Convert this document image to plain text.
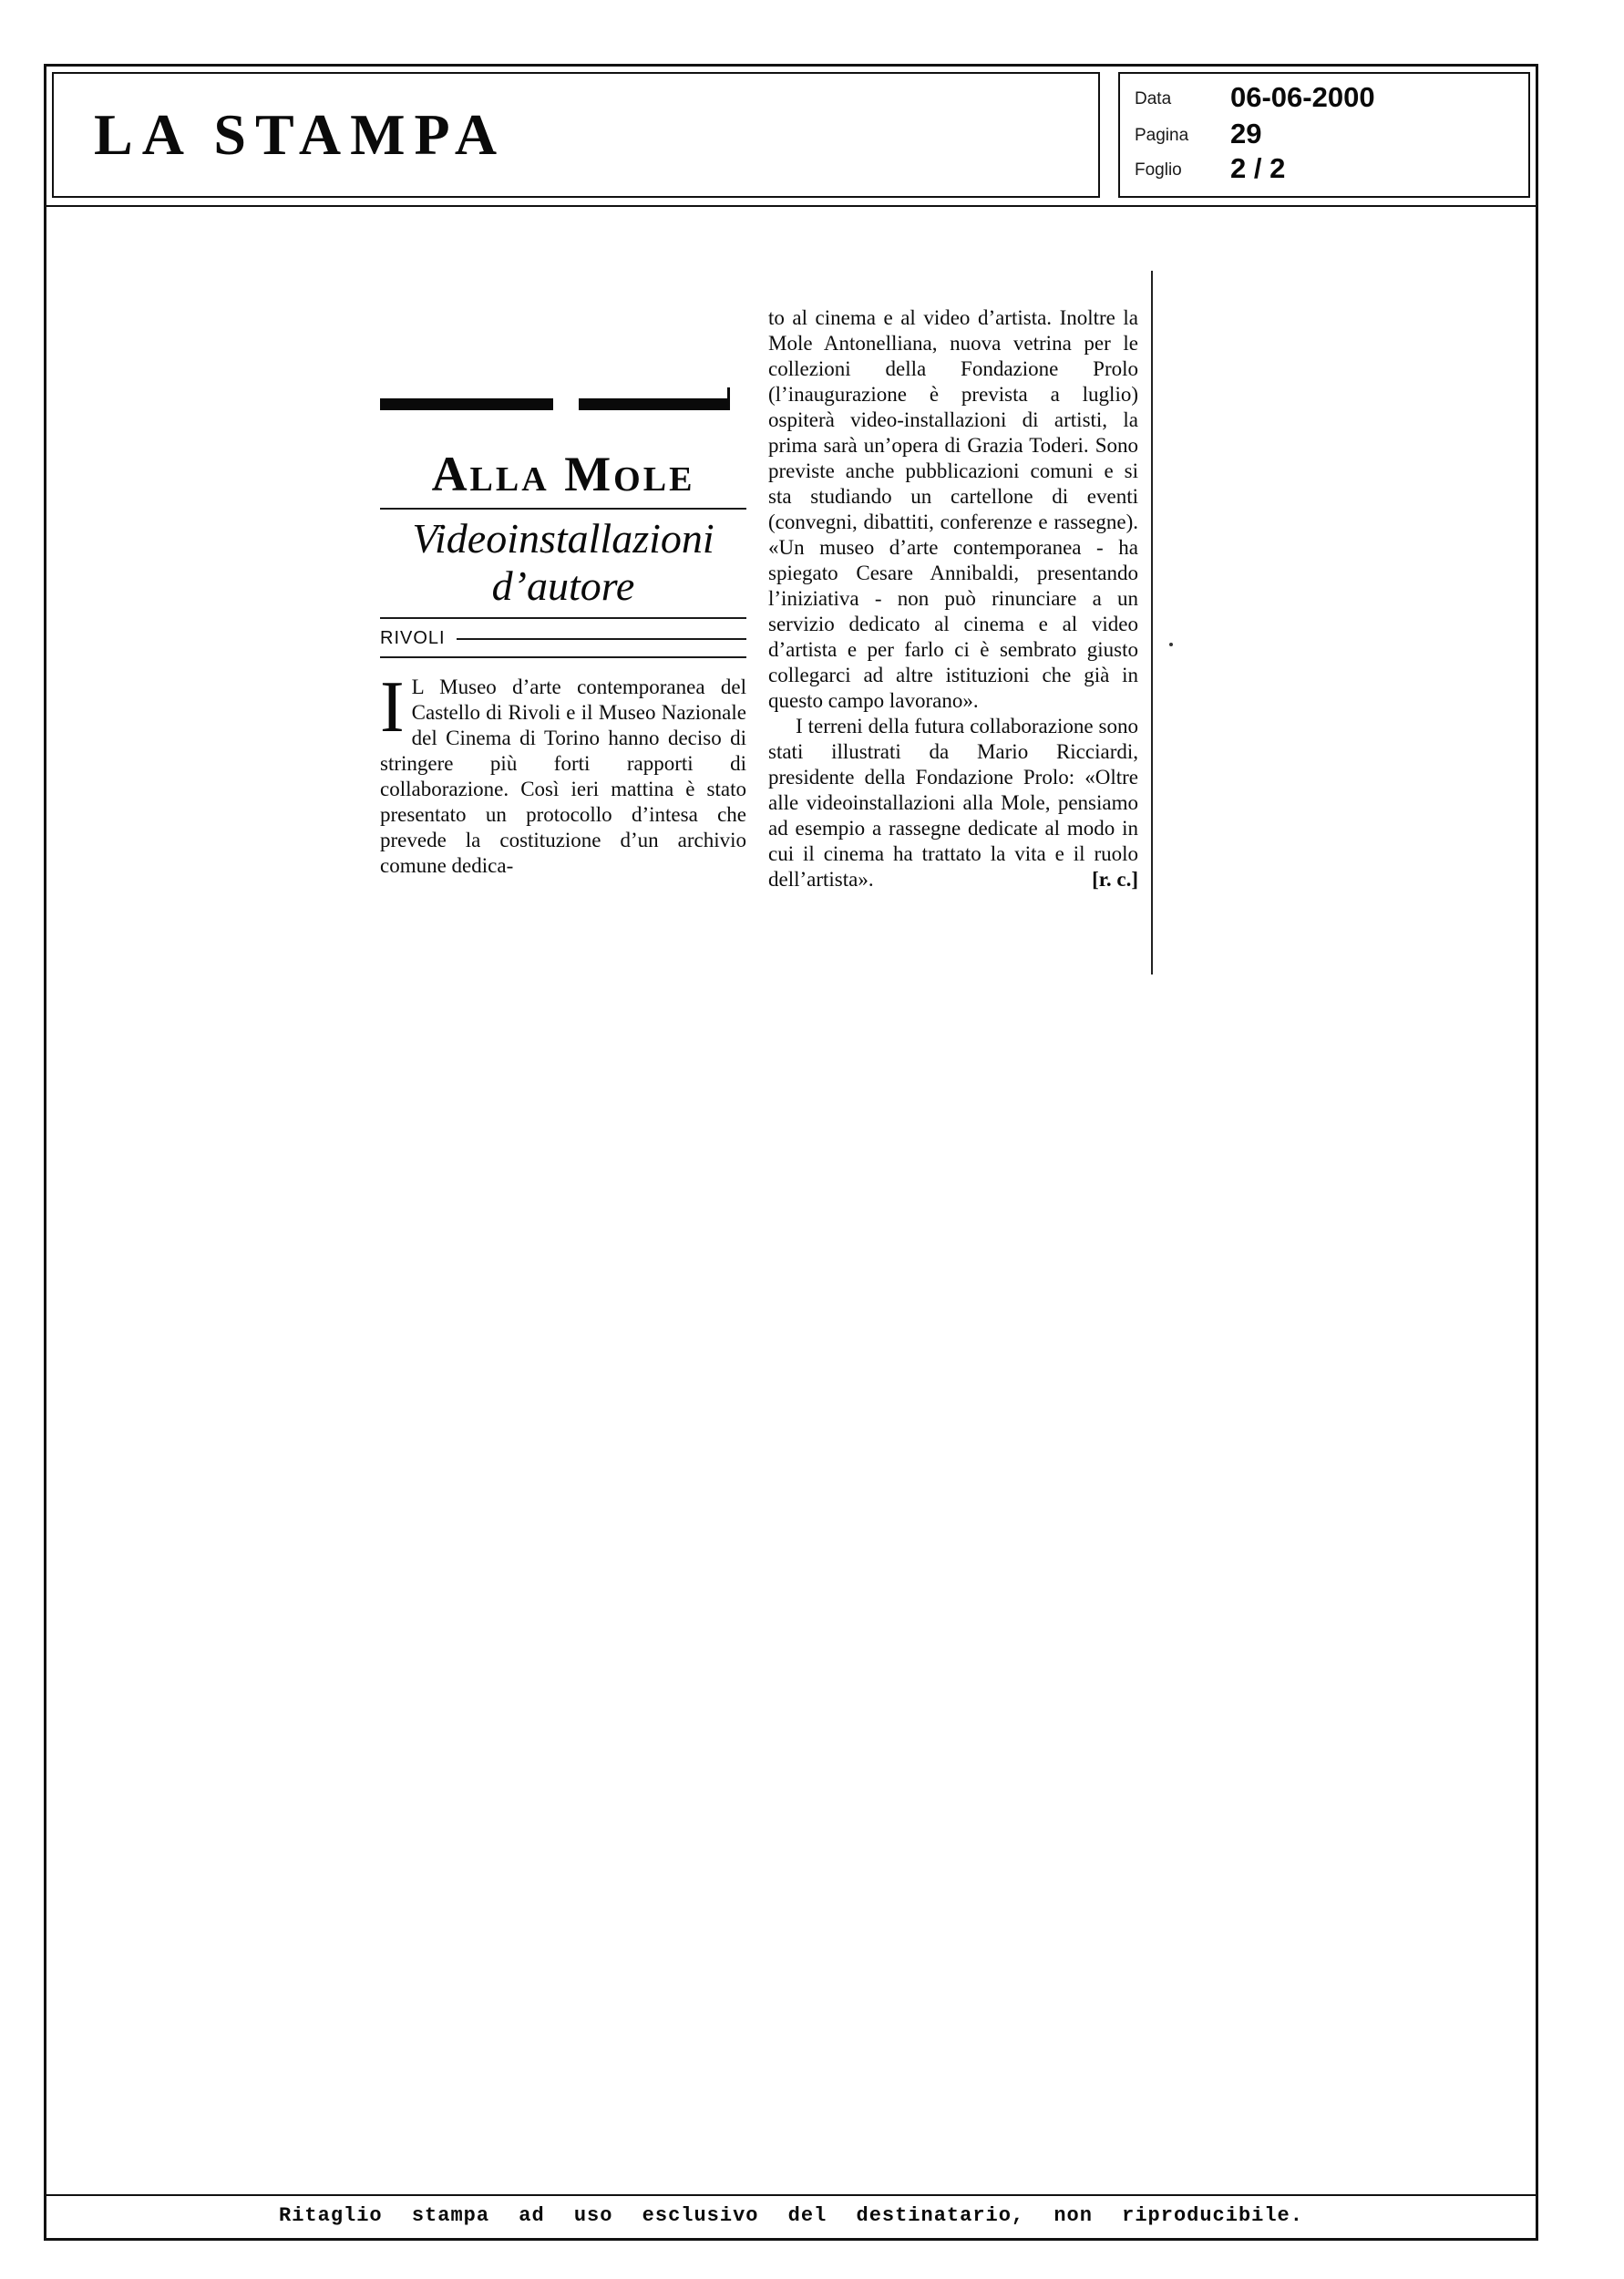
LA STAMPA
Data 06-06-2000
Pagina 29
Foglio 2 / 2
Alla Mole
Videoinstallazioni
d’autore
RIVOLI

I L Museo d’arte contemporanea del Castello di Rivoli e il Museo Nazionale del Cinema di Torino hanno deciso di stringere più forti rapporti di collaborazione. Così ieri mattina è stato presentato un protocollo d’intesa che prevede la costituzione d’un archivio comune dedica-

to al cinema e al video d’artista. Inoltre la Mole Antonelliana, nuova vetrina per le collezioni della Fondazione Prolo (l’inaugurazione è prevista a luglio) ospiterà video-installazioni di artisti, la prima sarà un’opera di Grazia Toderi. Sono previste anche pubblicazioni comuni e si sta studiando un cartellone di eventi (convegni, dibattiti, conferenze e rassegne). «Un museo d’arte contemporanea - ha spiegato Cesare Annibaldi, presentando l’iniziativa - non può rinunciare a un servizio dedicato al cinema e al video d’artista e per farlo ci è sembrato giusto collegarci ad altre istituzioni che già in questo campo lavorano».

I terreni della futura collaborazione sono stati illustrati da Mario Ricciardi, presidente della Fondazione Prolo: «Oltre alle videoinstallazioni alla Mole, pensiamo ad esempio a rassegne dedicate al modo in cui il cinema ha trattato la vita e il ruolo dell’artista».	[r. c.]

Ritaglio stampa ad uso esclusivo del destinatario, non riproducibile.
